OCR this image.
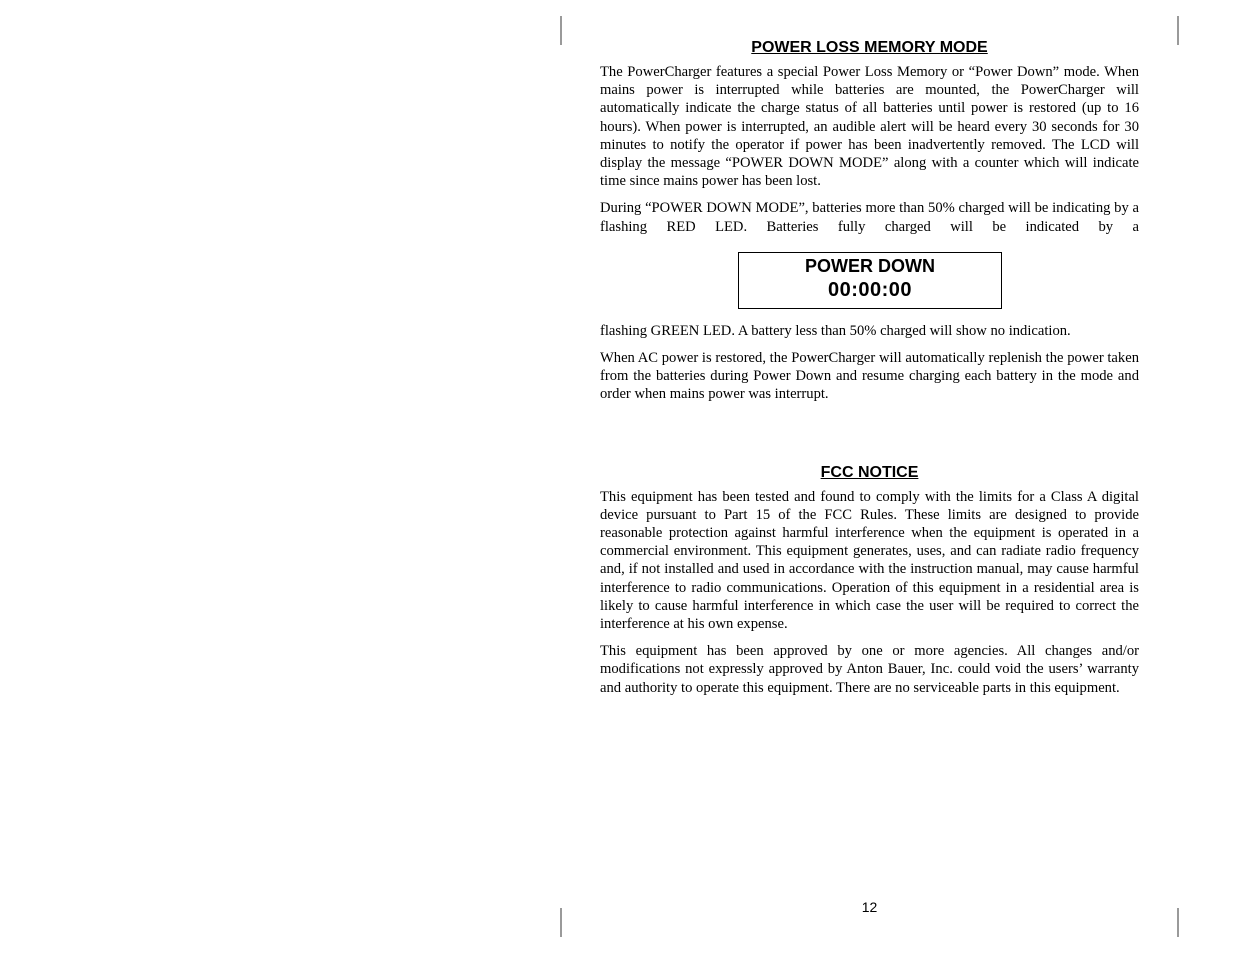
POWER LOSS MEMORY MODE

The PowerCharger features a special Power Loss Memory or “Power Down” mode. When mains power is interrupted while batteries are mounted, the PowerCharger will automatically indicate the charge status of all batteries until power is restored (up to 16 hours). When power is interrupted, an audible alert will be heard every 30 seconds for 30 minutes to notify the operator if power has been inadvertently removed. The LCD will display the message “POWER DOWN MODE” along with a counter which will indicate time since mains power has been lost.

During “POWER DOWN MODE”, batteries more than 50% charged will be indicating by a flashing RED LED. Batteries fully charged will be indicated by a

POWER DOWN
00:00:00

flashing GREEN LED. A battery less than 50% charged will show no indication.

When AC power is restored, the PowerCharger will automatically replenish the power taken from the batteries during Power Down and resume charging each battery in the mode and order when mains power was interrupt.

FCC NOTICE

This equipment has been tested and found to comply with the limits for a Class A digital device pursuant to Part 15 of the FCC Rules. These limits are designed to provide reasonable protection against harmful interference when the equipment is operated in a commercial environment. This equipment generates, uses, and can radiate radio frequency and, if not installed and used in accordance with the instruction manual, may cause harmful interference to radio communications. Operation of this equipment in a residential area is likely to cause harmful interference in which case the user will be required to correct the interference at his own expense.

This equipment has been approved by one or more agencies. All changes and/or modifications not expressly approved by Anton Bauer, Inc. could void the users’ warranty and authority to operate this equipment. There are no serviceable parts in this equipment.

12
